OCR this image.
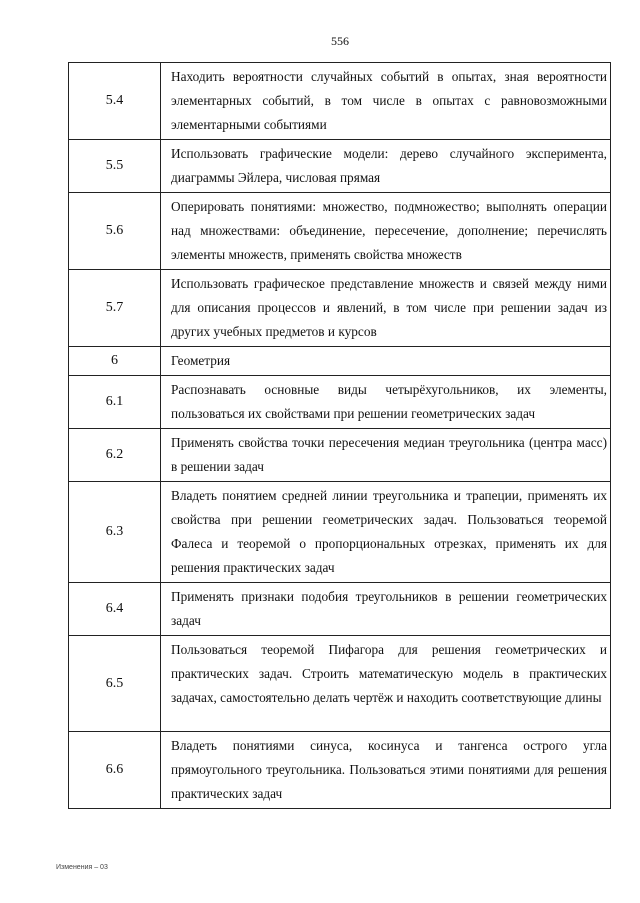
556
5.4	Находить вероятности случайных событий в опытах, зная вероятности элементарных событий, в том числе в опытах с равновозможными элементарными событиями
5.5	Использовать графические модели: дерево случайного эксперимента, диаграммы Эйлера, числовая прямая
5.6	Оперировать понятиями: множество, подмножество; выполнять операции над множествами: объединение, пересечение, дополнение; перечислять элементы множеств, применять свойства множеств
5.7	Использовать графическое представление множеств и связей между ними для описания процессов и явлений, в том числе при решении задач из других учебных предметов и курсов
6	Геометрия
6.1	Распознавать основные виды четырёхугольников, их элементы, пользоваться их свойствами при решении геометрических задач
6.2	Применять свойства точки пересечения медиан треугольника (центра масс) в решении задач
6.3	Владеть понятием средней линии треугольника и трапеции, применять их свойства при решении геометрических задач. Пользоваться теоремой Фалеса и теоремой о пропорциональных отрезках, применять их для решения практических задач
6.4	Применять признаки подобия треугольников в решении геометрических задач
6.5	Пользоваться теоремой Пифагора для решения геометрических и практических задач. Строить математическую модель в практических задачах, самостоятельно делать чертёж и находить соответствующие длины
6.6	Владеть понятиями синуса, косинуса и тангенса острого угла прямоугольного треугольника. Пользоваться этими понятиями для решения практических задач
Изменения – 03
